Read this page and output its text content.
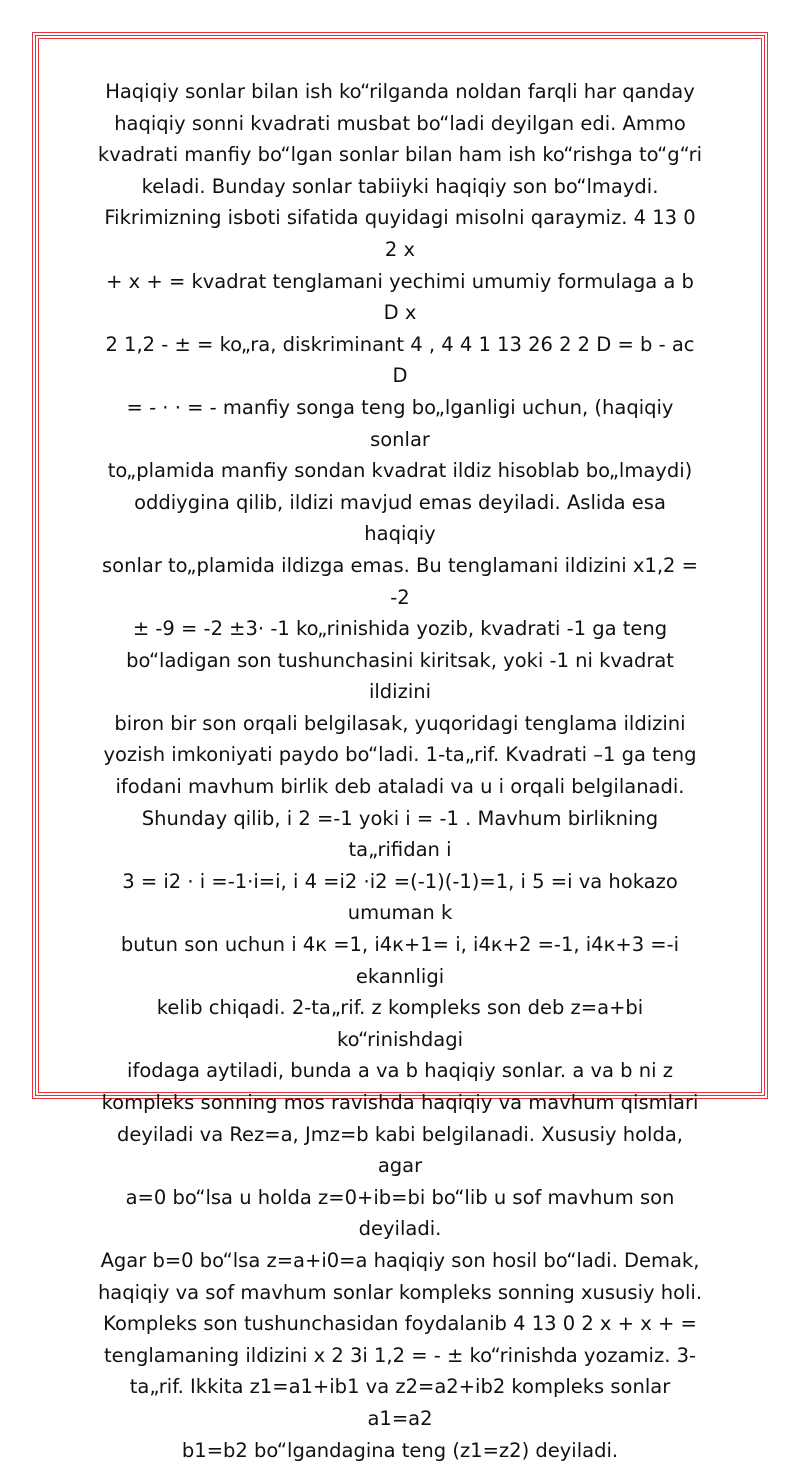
Haqiqiy sonlar bilan ish ko“rilganda noldan farqli har qanday
haqiqiy sonni kvadrati musbat bo“ladi deyilgan edi. Ammo
kvadrati manfiy bo“lgan sonlar bilan ham ish ko“rishga to“g“ri
keladi. Bunday sonlar tabiiyki haqiqiy son bo“lmaydi.
Fikrimizning isboti sifatida quyidagi misolni qaraymiz. 4 13 0 2 x
+ x + = kvadrat tenglamani yechimi umumiy formulaga a b D x
2 1,2 - ± = ko„ra, diskriminant 4 , 4 4 1 13 26 2 2 D = b - ac D
= - · · = - manfiy songa teng bo„lganligi uchun, (haqiqiy sonlar
to„plamida manfiy sondan kvadrat ildiz hisoblab bo„lmaydi)
oddiygina qilib, ildizi mavjud emas deyiladi. Aslida esa haqiqiy
sonlar to„plamida ildizga emas. Bu tenglamani ildizini x1,2 = -2
± -9 = -2 ±3· -1 ko„rinishida yozib, kvadrati -1 ga teng
bo“ladigan son tushunchasini kiritsak, yoki -1 ni kvadrat ildizini
biron bir son orqali belgilasak, yuqoridagi tenglama ildizini
yozish imkoniyati paydo bo“ladi. 1-ta„rif. Kvadrati –1 ga teng
ifodani mavhum birlik deb ataladi va u i orqali belgilanadi.
Shunday qilib, i 2 =-1 yoki i = -1 . Mavhum birlikning ta„rifidan i
3 = i2 · i =-1·i=i, i 4 =i2 ·i2 =(-1)(-1)=1, i 5 =i va hokazo umuman k
butun son uchun i 4к =1, i4к+1= i, i4к+2 =-1, i4к+3 =-i ekannligi
kelib chiqadi. 2-ta„rif. z kompleks son deb z=a+bi ko“rinishdagi
ifodaga aytiladi, bunda a va b haqiqiy sonlar. a va b ni z
kompleks sonning mos ravishda haqiqiy va mavhum qismlari
deyiladi va Rez=a, Jmz=b kabi belgilanadi. Xususiy holda, agar
a=0 bo“lsa u holda z=0+ib=bi bo“lib u sof mavhum son deyiladi.
Agar b=0 bo“lsa z=a+i0=a haqiqiy son hosil bo“ladi. Demak,
haqiqiy va sof mavhum sonlar kompleks sonning xususiy holi.
Kompleks son tushunchasidan foydalanib 4 13 0 2 x + x + =
tenglamaning ildizini x 2 3i 1,2 = - ± ko“rinishda yozamiz. 3-
ta„rif. Ikkita z1=a1+ib1 va z2=a2+ib2 kompleks sonlar a1=a2
b1=b2 bo“lgandagina teng (z1=z2) deyiladi.
